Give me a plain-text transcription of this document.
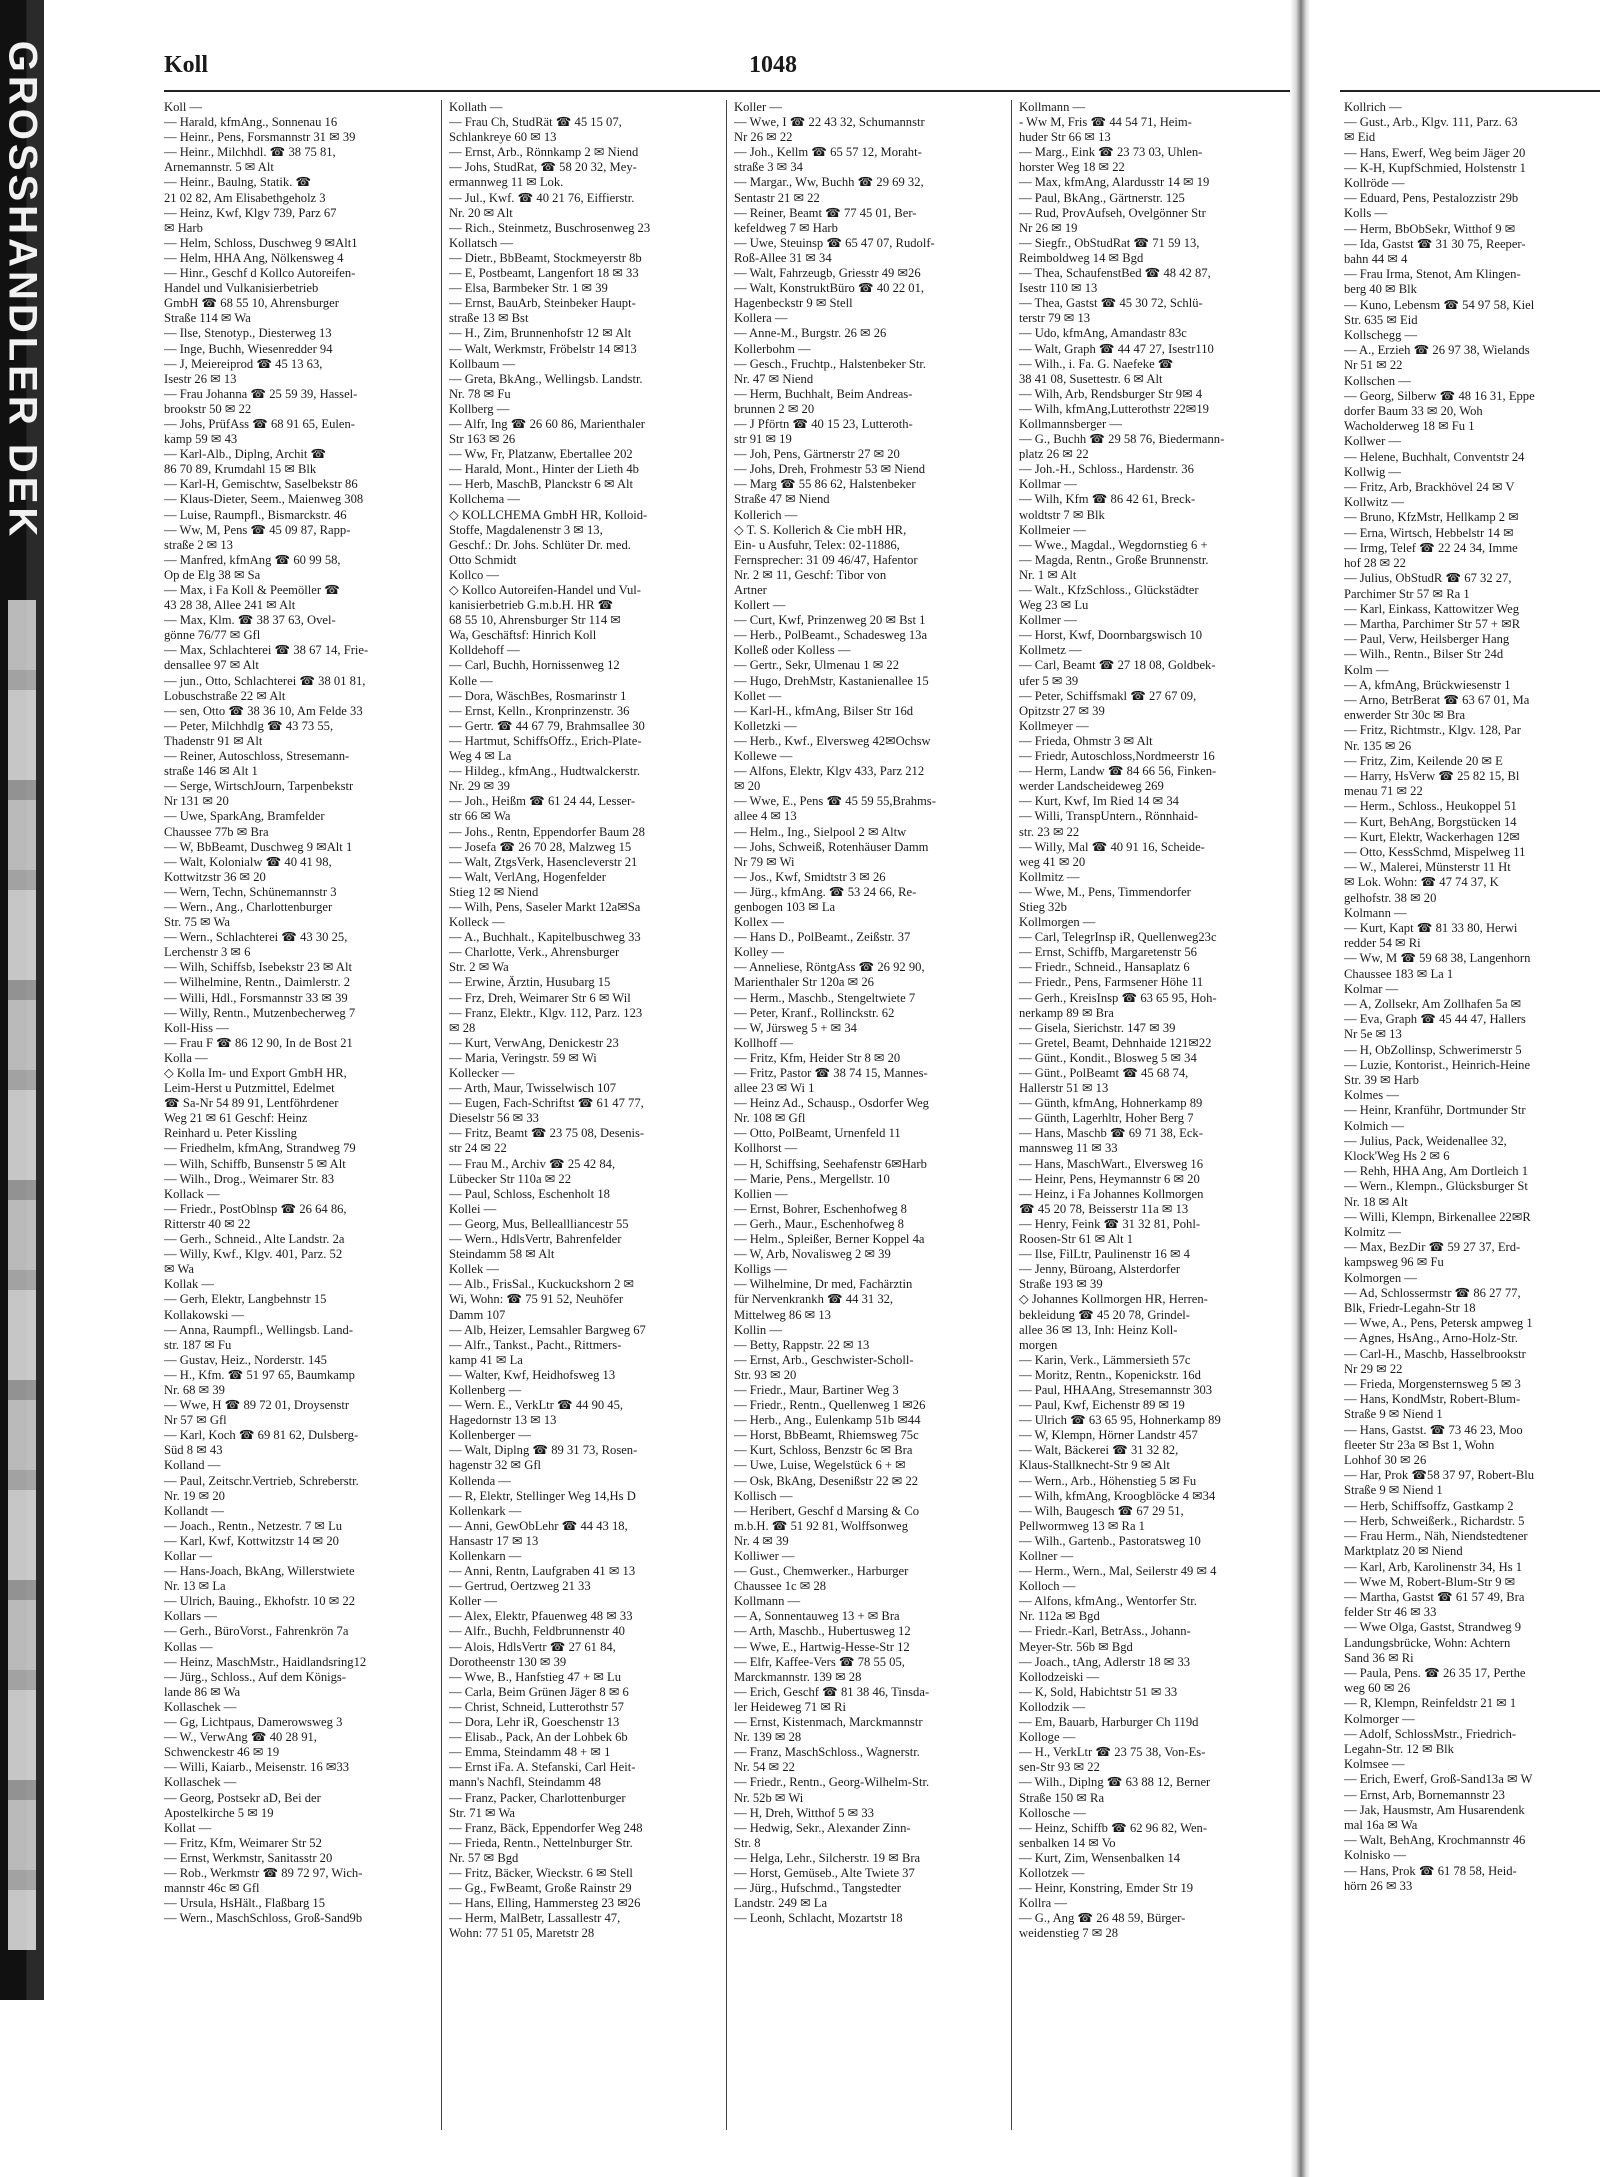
GROSSHANDLER DEK	Koll	1048
Koll —
— Harald, kfmAng., Sonnenau 16
— Heinr., Pens, Forsmannstr 31 ✉ 39
— Heinr., Milchhdl. ☎ 38 75 81,
Arnemannstr. 5 ✉ Alt
— Heinr., Baulng, Statik. ☎
21 02 82, Am Elisabethgeholz 3
— Heinz, Kwf, Klgv 739, Parz 67
✉ Harb
— Helm, Schloss, Duschweg 9 ✉Alt1
— Helm, HHA Ang, Nölkensweg 4
— Hinr., Geschf d Kollco Autoreifen-
Handel und Vulkanisierbetrieb
GmbH ☎ 68 55 10, Ahrensburger
Straße 114 ✉ Wa
— Ilse, Stenotyp., Diesterweg 13
— Inge, Buchh, Wiesenredder 94
— J, Meiereiprod ☎ 45 13 63,
Isestr 26 ✉ 13
— Frau Johanna ☎ 25 59 39, Hassel-
brookstr 50 ✉ 22
— Johs, PrüfAss ☎ 68 91 65, Eulen-
kamp 59 ✉ 43
— Karl-Alb., Diplng, Archit ☎
86 70 89, Krumdahl 15 ✉ Blk
— Karl-H, Gemischtw, Saselbekstr 86
— Klaus-Dieter, Seem., Maienweg 308
— Luise, Raumpfl., Bismarckstr. 46
— Ww, M, Pens ☎ 45 09 87, Rapp-
straße 2 ✉ 13
— Manfred, kfmAng ☎ 60 99 58,
Op de Elg 38 ✉ Sa
— Max, i Fa Koll & Peemöller ☎
43 28 38, Allee 241 ✉ Alt
— Max, Klm. ☎ 38 37 63, Ovel-
gönne 76/77 ✉ Gfl
— Max, Schlachterei ☎ 38 67 14, Frie-
densallee 97 ✉ Alt
— jun., Otto, Schlachterei ☎ 38 01 81,
Lobuschstraße 22 ✉ Alt
— sen, Otto ☎ 38 36 10, Am Felde 33
— Peter, Milchhdlg ☎ 43 73 55,
Thadenstr 91 ✉ Alt
— Reiner, Autoschloss, Stresemann-
straße 146 ✉ Alt 1
— Serge, WirtschJourn, Tarpenbekstr
Nr 131 ✉ 20
— Uwe, SparkAng, Bramfelder
Chaussee 77b ✉ Bra
— W, BbBeamt, Duschweg 9 ✉Alt 1
— Walt, Kolonialw ☎ 40 41 98,
Kottwitzstr 36 ✉ 20
— Wern, Techn, Schünemannstr 3
— Wern., Ang., Charlottenburger
Str. 75 ✉ Wa
— Wern., Schlachterei ☎ 43 30 25,
Lerchenstr 3 ✉ 6
— Wilh, Schiffsb, Isebekstr 23 ✉ Alt
— Wilhelmine, Rentn., Daimlerstr. 2
— Willi, Hdl., Forsmannstr 33 ✉ 39
— Willy, Rentn., Mutzenbecherweg 7
Koll-Hiss —
— Frau F ☎ 86 12 90, In de Bost 21
Kolla —
◇ Kolla Im- und Export GmbH HR,
Leim-Herst u Putzmittel, Edelmet
☎ Sa-Nr 54 89 91, Lentföhrdener
Weg 21 ✉ 61 Geschf: Heinz
Reinhard u. Peter Kissling
— Friedhelm, kfmAng, Strandweg 79
— Wilh, Schiffb, Bunsenstr 5 ✉ Alt
— Wilh., Drog., Weimarer Str. 83
Kollack —
— Friedr., PostOblnsp ☎ 26 64 86,
Ritterstr 40 ✉ 22
— Gerh., Schneid., Alte Landstr. 2a
— Willy, Kwf., Klgv. 401, Parz. 52
✉ Wa
Kollak —
— Gerh, Elektr, Langbehnstr 15
Kollakowski —
— Anna, Raumpfl., Wellingsb. Land-
str. 187 ✉ Fu
— Gustav, Heiz., Norderstr. 145
— H., Kfm. ☎ 51 97 65, Baumkamp
Nr. 68 ✉ 39
— Wwe, H ☎ 89 72 01, Droysenstr
Nr 57 ✉ Gfl
— Karl, Koch ☎ 69 81 62, Dulsberg-
Süd 8 ✉ 43
Kolland —
— Paul, Zeitschr.Vertrieb, Schreberstr.
Nr. 19 ✉ 20
Kollandt —
— Joach., Rentn., Netzestr. 7 ✉ Lu
— Karl, Kwf, Kottwitzstr 14 ✉ 20
Kollar —
— Hans-Joach, BkAng, Willerstwiete
Nr. 13 ✉ La
— Ulrich, Bauing., Ekhofstr. 10 ✉ 22
Kollars —
— Gerh., BüroVorst., Fahrenkrön 7a
Kollas —
— Heinz, MaschMstr., Haidlandsring12
— Jürg., Schloss., Auf dem Königs-
lande 86 ✉ Wa
Kollaschek —
— Gg, Lichtpaus, Damerowsweg 3
— W., VerwAng ☎ 40 28 91,
Schwenckestr 46 ✉ 19
— Willi, Kaiarb., Meisenstr. 16 ✉33
Kollaschek —
— Georg, Postsekr aD, Bei der
Apostelkirche 5 ✉ 19
Kollat —
— Fritz, Kfm, Weimarer Str 52
— Ernst, Werkmstr, Sanitasstr 20
— Rob., Werkmstr ☎ 89 72 97, Wich-
mannstr 46c ✉ Gfl
— Ursula, HsHält., Flaßbarg 15
— Wern., MaschSchloss, Groß-Sand9b
Kollath —
— Frau Ch, StudRät ☎ 45 15 07,
Schlankreye 60 ✉ 13
— Ernst, Arb., Rönnkamp 2 ✉ Niend
— Johs, StudRat, ☎ 58 20 32, Mey-
ermannweg 11 ✉ Lok.
— Jul., Kwf. ☎ 40 21 76, Eiffierstr.
Nr. 20 ✉ Alt
— Rich., Steinmetz, Buschrosenweg 23
Kollatsch —
— Dietr., BbBeamt, Stockmeyerstr 8b
— E, Postbeamt, Langenfort 18 ✉ 33
— Elsa, Barmbeker Str. 1 ✉ 39
— Ernst, BauArb, Steinbeker Haupt-
straße 13 ✉ Bst
— H., Zim, Brunnenhofstr 12 ✉ Alt
— Walt, Werkmstr, Fröbelstr 14 ✉13
Kollbaum —
— Greta, BkAng., Wellingsb. Landstr.
Nr. 78 ✉ Fu
Kollberg —
— Alfr, Ing ☎ 26 60 86, Marienthaler
Str 163 ✉ 26
— Ww, Fr, Platzanw, Ebertallee 202
— Harald, Mont., Hinter der Lieth 4b
— Herb, MaschB, Planckstr 6 ✉ Alt
Kollchema —
◇ KOLLCHEMA GmbH HR, Kolloid-
Stoffe, Magdalenenstr 3 ✉ 13,
Geschf.: Dr. Johs. Schlüter Dr. med.
Otto Schmidt
Kollco —
◇ Kollco Autoreifen-Handel und Vul-
kanisierbetrieb G.m.b.H. HR ☎
68 55 10, Ahrensburger Str 114 ✉
Wa, Geschäftsf: Hinrich Koll
Kolldehoff —
— Carl, Buchh, Hornissenweg 12
Kolle —
— Dora, WäschBes, Rosmarinstr 1
— Ernst, Kelln., Kronprinzenstr. 36
— Gertr. ☎ 44 67 79, Brahmsallee 30
— Hartmut, SchiffsOffz., Erich-Plate-
Weg 4 ✉ La
— Hildeg., kfmAng., Hudtwalckerstr.
Nr. 29 ✉ 39
— Joh., Heißm ☎ 61 24 44, Lesser-
str 66 ✉ Wa
— Johs., Rentn, Eppendorfer Baum 28
— Josefa ☎ 26 70 28, Malzweg 15
— Walt, ZtgsVerk, Hasencleverstr 21
— Walt, VerlAng, Hogenfelder
Stieg 12 ✉ Niend
— Wilh, Pens, Saseler Markt 12a✉Sa
Kolleck —
— A., Buchhalt., Kapitelbuschweg 33
— Charlotte, Verk., Ahrensburger
Str. 2 ✉ Wa
— Erwine, Ärztin, Husubarg 15
— Frz, Dreh, Weimarer Str 6 ✉ Wil
— Franz, Elektr., Klgv. 112, Parz. 123
✉ 28
— Kurt, VerwAng, Denickestr 23
— Maria, Veringstr. 59 ✉ Wi
Kollecker —
— Arth, Maur, Twisselwisch 107
— Eugen, Fach-Schriftst ☎ 61 47 77,
Dieselstr 56 ✉ 33
— Fritz, Beamt ☎ 23 75 08, Desenis-
str 24 ✉ 22
— Frau M., Archiv ☎ 25 42 84,
Lübecker Str 110a ✉ 22
— Paul, Schloss, Eschenholt 18
Kollei —
— Georg, Mus, Belleallliancestr 55
— Wern., HdlsVertr, Bahrenfelder
Steindamm 58 ✉ Alt
Kollek —
— Alb., FrisSal., Kuckuckshorn 2 ✉
Wi, Wohn: ☎ 75 91 52, Neuhöfer
Damm 107
— Alb, Heizer, Lemsahler Bargweg 67
— Alfr., Tankst., Pacht., Rittmers-
kamp 41 ✉ La
— Walter, Kwf, Heidhofsweg 13
Kollenberg —
— Wern. E., VerkLtr ☎ 44 90 45,
Hagedornstr 13 ✉ 13
Kollenberger —
— Walt, Diplng ☎ 89 31 73, Rosen-
hagenstr 32 ✉ Gfl
Kollenda —
— R, Elektr, Stellinger Weg 14,Hs D
Kollenkark —
— Anni, GewObLehr ☎ 44 43 18,
Hansastr 17 ✉ 13
Kollenkarn —
— Anni, Rentn, Laufgraben 41 ✉ 13
— Gertrud, Oertzweg 21 33
Koller —
— Alex, Elektr, Pfauenweg 48 ✉ 33
— Alfr., Buchh, Feldbrunnenstr 40
— Alois, HdlsVertr ☎ 27 61 84,
Dorotheenstr 130 ✉ 39
— Wwe, B., Hanfstieg 47 + ✉ Lu
— Carla, Beim Grünen Jäger 8 ✉ 6
— Christ, Schneid, Lutterothstr 57
— Dora, Lehr iR, Goeschenstr 13
— Elisab., Pack, An der Lohbek 6b
— Emma, Steindamm 48 + ✉ 1
— Ernst iFa. A. Stefanski, Carl Heit-
mann's Nachfl, Steindamm 48
— Franz, Packer, Charlottenburger
Str. 71 ✉ Wa
— Franz, Bäck, Eppendorfer Weg 248
— Frieda, Rentn., Nettelnburger Str.
Nr. 57 ✉ Bgd
— Fritz, Bäcker, Wieckstr. 6 ✉ Stell
— Gg., FwBeamt, Große Rainstr 29
— Hans, Elling, Hammersteg 23 ✉26
— Herm, MalBetr, Lassallestr 47,
Wohn: 77 51 05, Maretstr 28
Koller —
— Wwe, I ☎ 22 43 32, Schumannstr
Nr 26 ✉ 22
— Joh., Kellm ☎ 65 57 12, Moraht-
straße 3 ✉ 34
— Margar., Ww, Buchh ☎ 29 69 32,
Sentastr 21 ✉ 22
— Reiner, Beamt ☎ 77 45 01, Ber-
kefeldweg 7 ✉ Harb
— Uwe, Steuinsp ☎ 65 47 07, Rudolf-
Roß-Allee 31 ✉ 34
— Walt, Fahrzeugb, Griesstr 49 ✉26
— Walt, KonstruktBüro ☎ 40 22 01,
Hagenbeckstr 9 ✉ Stell
Kollera —
— Anne-M., Burgstr. 26 ✉ 26
Kollerbohm —
— Gesch., Fruchtp., Halstenbeker Str.
Nr. 47 ✉ Niend
— Herm, Buchhalt, Beim Andreas-
brunnen 2 ✉ 20
— J Pförtn ☎ 40 15 23, Lutteroth-
str 91 ✉ 19
— Joh, Pens, Gärtnerstr 27 ✉ 20
— Johs, Dreh, Frohmestr 53 ✉ Niend
— Marg ☎ 55 86 62, Halstenbeker
Straße 47 ✉ Niend
Kollerich —
◇ T. S. Kollerich & Cie mbH HR,
Ein- u Ausfuhr, Telex: 02-11886,
Fernsprecher: 31 09 46/47, Hafentor
Nr. 2 ✉ 11, Geschf: Tibor von
Artner
Kollert —
— Curt, Kwf, Prinzenweg 20 ✉ Bst 1
— Herb., PolBeamt., Schadesweg 13a
Kolleß oder Kolless —
— Gertr., Sekr, Ulmenau 1 ✉ 22
— Hugo, DrehMstr, Kastanienallee 15
Kollet —
— Karl-H., kfmAng, Bilser Str 16d
Kolletzki —
— Herb., Kwf., Elversweg 42✉Ochsw
Kollewe —
— Alfons, Elektr, Klgv 433, Parz 212
✉ 20
— Wwe, E., Pens ☎ 45 59 55,Brahms-
allee 4 ✉ 13
— Helm., Ing., Sielpool 2 ✉ Altw
— Johs, Schweiß, Rotenhäuser Damm
Nr 79 ✉ Wi
— Jos., Kwf, Smidtstr 3 ✉ 26
— Jürg., kfmAng. ☎ 53 24 66, Re-
genbogen 103 ✉ La
Kollex —
— Hans D., PolBeamt., Zeißstr. 37
Kolley —
— Anneliese, RöntgAss ☎ 26 92 90,
Marienthaler Str 120a ✉ 26
— Herm., Maschb., Stengeltwiete 7
— Peter, Kranf., Rollinckstr. 62
— W, Jürsweg 5 + ✉ 34
Kollhoff —
— Fritz, Kfm, Heider Str 8 ✉ 20
— Fritz, Pastor ☎ 38 74 15, Mannes-
allee 23 ✉ Wi 1
— Heinz Ad., Schausp., Osdorfer Weg
Nr. 108 ✉ Gfl
— Otto, PolBeamt, Urnenfeld 11
Kollhorst —
— H, Schiffsing, Seehafenstr 6✉Harb
— Marie, Pens., Mergellstr. 10
Kollien —
— Ernst, Bohrer, Eschenhofweg 8
— Gerh., Maur., Eschenhofweg 8
— Helm., Spleißer, Berner Koppel 4a
— W, Arb, Novalisweg 2 ✉ 39
Kolligs —
— Wilhelmine, Dr med, Fachärztin
für Nervenkrankh ☎ 44 31 32,
Mittelweg 86 ✉ 13
Kollin —
— Betty, Rappstr. 22 ✉ 13
— Ernst, Arb., Geschwister-Scholl-
Str. 93 ✉ 20
— Friedr., Maur, Bartiner Weg 3
— Friedr., Rentn., Quellenweg 1 ✉26
— Herb., Ang., Eulenkamp 51b ✉44
— Horst, BbBeamt, Rhiemsweg 75c
— Kurt, Schloss, Benzstr 6c ✉ Bra
— Uwe, Luise, Wegelstück 6 + ✉
— Osk, BkAng, Desenißstr 22 ✉ 22
Kollisch —
— Heribert, Geschf d Marsing & Co
m.b.H. ☎ 51 92 81, Wolffsonweg
Nr. 4 ✉ 39
Kolliwer —
— Gust., Chemwerker., Harburger
Chaussee 1c ✉ 28
Kollmann —
— A, Sonnentauweg 13 + ✉ Bra
— Arth, Maschb., Hubertusweg 12
— Wwe, E., Hartwig-Hesse-Str 12
— Elfr, Kaffee-Vers ☎ 78 55 05,
Marckmannstr. 139 ✉ 28
— Erich, Geschf ☎ 81 38 46, Tinsda-
ler Heideweg 71 ✉ Ri
— Ernst, Kistenmach, Marckmannstr
Nr. 139 ✉ 28
— Franz, MaschSchloss., Wagnerstr.
Nr. 54 ✉ 22
— Friedr., Rentn., Georg-Wilhelm-Str.
Nr. 52b ✉ Wi
— H, Dreh, Witthof 5 ✉ 33
— Hedwig, Sekr., Alexander Zinn-
Str. 8
— Helga, Lehr., Silcherstr. 19 ✉ Bra
— Horst, Gemüseb., Alte Twiete 37
— Jürg., Hufschmd., Tangstedter
Landstr. 249 ✉ La
— Leonh, Schlacht, Mozartstr 18
Kollmann —
- Ww M, Fris ☎ 44 54 71, Heim-
huder Str 66 ✉ 13
— Marg., Eink ☎ 23 73 03, Uhlen-
horster Weg 18 ✉ 22
— Max, kfmAng, Alardusstr 14 ✉ 19
— Paul, BkAng., Gärtnerstr. 125
— Rud, ProvAufseh, Ovelgönner Str
Nr 26 ✉ 19
— Siegfr., ObStudRat ☎ 71 59 13,
Reimboldweg 14 ✉ Bgd
— Thea, SchaufenstBed ☎ 48 42 87,
Isestr 110 ✉ 13
— Thea, Gastst ☎ 45 30 72, Schlü-
terstr 79 ✉ 13
— Udo, kfmAng, Amandastr 83c
— Walt, Graph ☎ 44 47 27, Isestr110
— Wilh., i. Fa. G. Naefeke ☎
38 41 08, Susettestr. 6 ✉ Alt
— Wilh, Arb, Rendsburger Str 9✉ 4
— Wilh, kfmAng,Lutterothstr 22✉19
Kollmannsberger —
— G., Buchh ☎ 29 58 76, Biedermann-
platz 26 ✉ 22
— Joh.-H., Schloss., Hardenstr. 36
Kollmar —
— Wilh, Kfm ☎ 86 42 61, Breck-
woldtstr 7 ✉ Blk
Kollmeier —
— Wwe., Magdal., Wegdornstieg 6 +
— Magda, Rentn., Große Brunnenstr.
Nr. 1 ✉ Alt
— Walt., KfzSchloss., Glückstädter
Weg 23 ✉ Lu
Kollmer —
— Horst, Kwf, Doornbargswisch 10
Kollmetz —
— Carl, Beamt ☎ 27 18 08, Goldbek-
ufer 5 ✉ 39
— Peter, Schiffsmakl ☎ 27 67 09,
Opitzstr 27 ✉ 39
Kollmeyer —
— Frieda, Ohmstr 3 ✉ Alt
— Friedr, Autoschloss,Nordmeerstr 16
— Herm, Landw ☎ 84 66 56, Finken-
werder Landscheideweg 269
— Kurt, Kwf, Im Ried 14 ✉ 34
— Willi, TranspUntern., Rönnhaid-
str. 23 ✉ 22
— Willy, Mal ☎ 40 91 16, Scheide-
weg 41 ✉ 20
Kollmitz —
— Wwe, M., Pens, Timmendorfer
Stieg 32b
Kollmorgen —
— Carl, TelegrInsp iR, Quellenweg23c
— Ernst, Schiffb, Margaretenstr 56
— Friedr., Schneid., Hansaplatz 6
— Friedr., Pens, Farmsener Höhe 11
— Gerh., KreisInsp ☎ 63 65 95, Hoh-
nerkamp 89 ✉ Bra
— Gisela, Sierichstr. 147 ✉ 39
— Gretel, Beamt, Dehnhaide 121✉22
— Günt., Kondit., Blosweg 5 ✉ 34
— Günt., PolBeamt ☎ 45 68 74,
Hallerstr 51 ✉ 13
— Günth, kfmAng, Hohnerkamp 89
— Günth, Lagerhltr, Hoher Berg 7
— Hans, Maschb ☎ 69 71 38, Eck-
mannsweg 11 ✉ 33
— Hans, MaschWart., Elversweg 16
— Heinr, Pens, Heymannstr 6 ✉ 20
— Heinz, i Fa Johannes Kollmorgen
☎ 45 20 78, Beisserstr 11a ✉ 13
— Henry, Feink ☎ 31 32 81, Pohl-
Roosen-Str 61 ✉ Alt 1
— Ilse, FilLtr, Paulinenstr 16 ✉ 4
— Jenny, Büroang, Alsterdorfer
Straße 193 ✉ 39
◇ Johannes Kollmorgen HR, Herren-
bekleidung ☎ 45 20 78, Grindel-
allee 36 ✉ 13, Inh: Heinz Koll-
morgen
— Karin, Verk., Lämmersieth 57c
— Moritz, Rentn., Kopenickstr. 16d
— Paul, HHAAng, Stresemannstr 303
— Paul, Kwf, Eichenstr 89 ✉ 19
— Ulrich ☎ 63 65 95, Hohnerkamp 89
— W, Klempn, Hörner Landstr 457
— Walt, Bäckerei ☎ 31 32 82,
Klaus-Stallknecht-Str 9 ✉ Alt
— Wern., Arb., Höhenstieg 5 ✉ Fu
— Wilh, kfmAng, Kroogblöcke 4 ✉34
— Wilh, Baugesch ☎ 67 29 51,
Pellwormweg 13 ✉ Ra 1
— Wilh., Gartenb., Pastoratsweg 10
Kollner —
— Herm., Wern., Mal, Seilerstr 49 ✉ 4
Kolloch —
— Alfons, kfmAng., Wentorfer Str.
Nr. 112a ✉ Bgd
— Friedr.-Karl, BetrAss., Johann-
Meyer-Str. 56b ✉ Bgd
— Joach., tAng, Adlerstr 18 ✉ 33
Kollodzeiski —
— K, Sold, Habichtstr 51 ✉ 33
Kollodzik —
— Em, Bauarb, Harburger Ch 119d
Kolloge —
— H., VerkLtr ☎ 23 75 38, Von-Es-
sen-Str 93 ✉ 22
— Wilh., Diplng ☎ 63 88 12, Berner
Straße 150 ✉ Ra
Kollosche —
— Heinz, Schiffb ☎ 62 96 82, Wen-
senbalken 14 ✉ Vo
— Kurt, Zim, Wensenbalken 14
Kollotzek —
— Heinr, Konstring, Emder Str 19
Kollra —
— G., Ang ☎ 26 48 59, Bürger-
weidenstieg 7 ✉ 28
Kollrich —
— Gust., Arb., Klgv. 111, Parz. 63
✉ Eid
— Hans, Ewerf, Weg beim Jäger 20
— K-H, KupfSchmied, Holstenstr 1
Kollröde —
— Eduard, Pens, Pestalozzistr 29b
Kolls —
— Herm, BbObSekr, Witthof 9 ✉
— Ida, Gastst ☎ 31 30 75, Reeper-
bahn 44 ✉ 4
— Frau Irma, Stenot, Am Klingen-
berg 40 ✉ Blk
— Kuno, Lebensm ☎ 54 97 58, Kiel
Str. 635 ✉ Eid
Kollschegg —
— A., Erzieh ☎ 26 97 38, Wielands
Nr 51 ✉ 22
Kollschen —
— Georg, Silberw ☎ 48 16 31, Eppe
dorfer Baum 33 ✉ 20, Woh
Wacholderweg 18 ✉ Fu 1
Kollwer —
— Helene, Buchhalt, Conventstr 24
Kollwig —
— Fritz, Arb, Brackhövel 24 ✉ V
Kollwitz —
— Bruno, KfzMstr, Hellkamp 2 ✉
— Erna, Wirtsch, Hebbelstr 14 ✉
— Irmg, Telef ☎ 22 24 34, Imme
hof 28 ✉ 22
— Julius, ObStudR ☎ 67 32 27,
Parchimer Str 57 ✉ Ra 1
— Karl, Einkass, Kattowitzer Weg
— Martha, Parchimer Str 57 + ✉R
— Paul, Verw, Heilsberger Hang
— Wilh., Rentn., Bilser Str 24d
Kolm —
— A, kfmAng, Brückwiesenstr 1
— Arno, BetrBerat ☎ 63 67 01, Ma
enwerder Str 30c ✉ Bra
— Fritz, Richtmstr., Klgv. 128, Par
Nr. 135 ✉ 26
— Fritz, Zim, Keilende 20 ✉ E
— Harry, HsVerw ☎ 25 82 15, Bl
menau 71 ✉ 22
— Herm., Schloss., Heukoppel 51
— Kurt, BehAng, Borgstücken 14
— Kurt, Elektr, Wackerhagen 12✉
— Otto, KessSchmd, Mispelweg 11
— W., Malerei, Münsterstr 11 Ht
✉ Lok. Wohn: ☎ 47 74 37, K
gelhofstr. 38 ✉ 20
Kolmann —
— Kurt, Kapt ☎ 81 33 80, Herwi
redder 54 ✉ Ri
— Ww, M ☎ 59 68 38, Langenhorn
Chaussee 183 ✉ La 1
Kolmar —
— A, Zollsekr, Am Zollhafen 5a ✉
— Eva, Graph ☎ 45 44 47, Hallers
Nr 5e ✉ 13
— H, ObZollinsp, Schwerimerstr 5
— Luzie, Kontorist., Heinrich-Heine
Str. 39 ✉ Harb
Kolmes —
— Heinr, Kranführ, Dortmunder Str
Kolmich —
— Julius, Pack, Weidenallee 32,
Klock'Weg Hs 2 ✉ 6
— Rehh, HHA Ang, Am Dortleich 1
— Wern., Klempn., Glücksburger St
Nr. 18 ✉ Alt
— Willi, Klempn, Birkenallee 22✉R
Kolmitz —
— Max, BezDir ☎ 59 27 37, Erd-
kampsweg 96 ✉ Fu
Kolmorgen —
— Ad, Schlossermstr ☎ 86 27 77,
Blk, Friedr-Legahn-Str 18
— Wwe, A., Pens, Petersk ampweg 1
— Agnes, HsAng., Arno-Holz-Str.
— Carl-H., Maschb, Hasselbrookstr
Nr 29 ✉ 22
— Frieda, Morgensternsweg 5 ✉ 3
— Hans, KondMstr, Robert-Blum-
Straße 9 ✉ Niend 1
— Hans, Gastst. ☎ 73 46 23, Moo
fleeter Str 23a ✉ Bst 1, Wohn
Lohhof 30 ✉ 26
— Har, Prok ☎58 37 97, Robert-Blu
Straße 9 ✉ Niend 1
— Herb, Schiffsoffz, Gastkamp 2
— Herb, Schweißerk., Richardstr. 5
— Frau Herm., Näh, Niendstedtener
Marktplatz 20 ✉ Niend
— Karl, Arb, Karolinenstr 34, Hs 1
— Wwe M, Robert-Blum-Str 9 ✉
— Martha, Gastst ☎ 61 57 49, Bra
felder Str 46 ✉ 33
— Wwe Olga, Gastst, Strandweg 9
Landungsbrücke, Wohn: Achtern
Sand 36 ✉ Ri
— Paula, Pens. ☎ 26 35 17, Perthe
weg 60 ✉ 26
— R, Klempn, Reinfeldstr 21 ✉ 1
Kolmorger —
— Adolf, SchlossMstr., Friedrich-
Legahn-Str. 12 ✉ Blk
Kolmsee —
— Erich, Ewerf, Groß-Sand13a ✉ W
— Ernst, Arb, Bornemannstr 23
— Jak, Hausmstr, Am Husarendenk
mal 16a ✉ Wa
— Walt, BehAng, Krochmannstr 46
Kolnisko —
— Hans, Prok ☎ 61 78 58, Heid-
hörn 26 ✉ 33
